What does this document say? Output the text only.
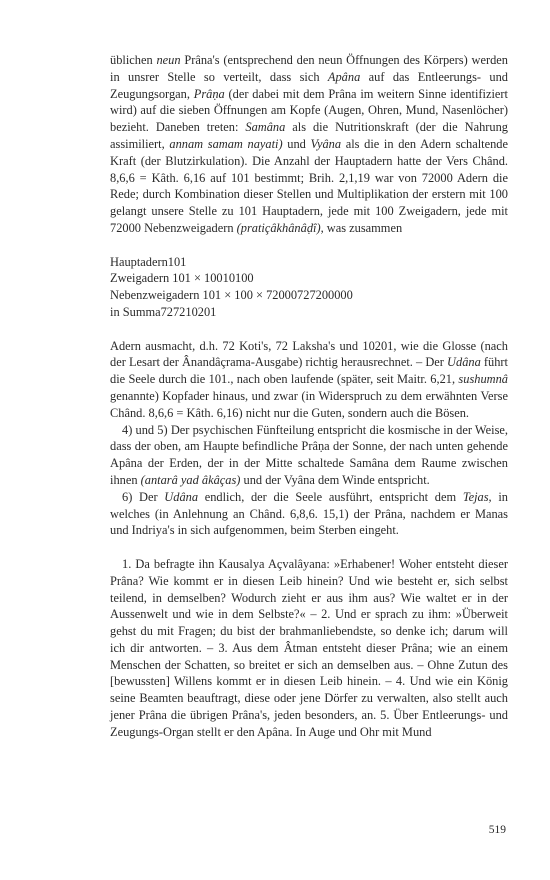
üblichen neun Prâna's (entsprechend den neun Öffnungen des Körpers) werden in unsrer Stelle so verteilt, dass sich Apâna auf das Entleerungs- und Zeugungsorgan, Prâṇa (der dabei mit dem Prâna im weitern Sinne identifiziert wird) auf die sieben Öffnungen am Kopfe (Augen, Ohren, Mund, Nasenlöcher) bezieht. Daneben treten: Samâna als die Nutritionskraft (der die Nahrung assimiliert, annam samam nayati) und Vyâna als die in den Adern schaltende Kraft (der Blutzirkulation). Die Anzahl der Hauptadern hatte der Vers Chând. 8,6,6 = Kâth. 6,16 auf 101 bestimmt; Brih. 2,1,19 war von 72000 Adern die Rede; durch Kombination dieser Stellen und Multiplikation der erstern mit 100 gelangt unsere Stelle zu 101 Hauptadern, jede mit 100 Zweigadern, jede mit 72000 Nebenzweigadern (pratiçâkhânâḍî), was zusammen

Hauptadern101
Zweigadern 101 × 10010100
Nebenzweigadern 101 × 100 × 72000727200000
in Summa727210201

Adern ausmacht, d.h. 72 Koti's, 72 Laksha's und 10201, wie die Glosse (nach der Lesart der Ânandâçrama-Ausgabe) richtig herausrechnet. – Der Udâna führt die Seele durch die 101., nach oben laufende (später, seit Maitr. 6,21, sushumnâ genannte) Kopfader hinaus, und zwar (in Widerspruch zu dem erwähnten Verse Chând. 8,6,6 = Kâth. 6,16) nicht nur die Guten, sondern auch die Bösen.

4) und 5) Der psychischen Fünfteilung entspricht die kosmische in der Weise, dass der oben, am Haupte befindliche Prâṇa der Sonne, der nach unten gehende Apâna der Erden, der in der Mitte schaltede Samâna dem Raume zwischen ihnen (antarâ yad âkâças) und der Vyâna dem Winde entspricht.

6) Der Udâna endlich, der die Seele ausführt, entspricht dem Tejas, in welches (in Anlehnung an Chând. 6,8,6. 15,1) der Prâna, nachdem er Manas und Indriya's in sich aufgenommen, beim Sterben eingeht.

1. Da befragte ihn Kausalya Açvalâyana: »Erhabener! Woher entsteht dieser Prâna? Wie kommt er in diesen Leib hinein? Und wie besteht er, sich selbst teilend, in demselben? Wodurch zieht er aus ihm aus? Wie waltet er in der Aussenwelt und wie in dem Selbste?« – 2. Und er sprach zu ihm: »Überweit gehst du mit Fragen; du bist der brahmanliebendste, so denke ich; darum will ich dir antworten. – 3. Aus dem Âtman entsteht dieser Prâna; wie an einem Menschen der Schatten, so breitet er sich an demselben aus. – Ohne Zutun des [bewussten] Willens kommt er in diesen Leib hinein. – 4. Und wie ein König seine Beamten beauftragt, diese oder jene Dörfer zu verwalten, also stellt auch jener Prâna die übrigen Prâna's, jeden besonders, an. 5. Über Entleerungs- und Zeugungs-Organ stellt er den Apâna. In Auge und Ohr mit Mund

519
